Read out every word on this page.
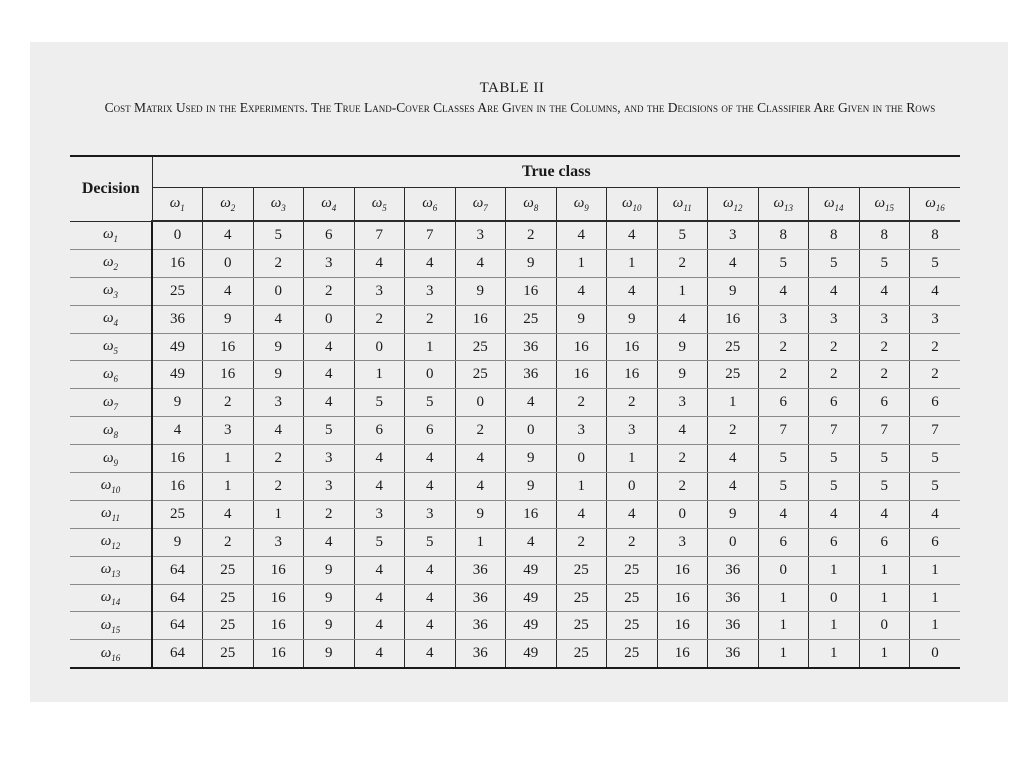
TABLE II
Cost Matrix Used in the Experiments. The True Land-Cover Classes Are Given in the Columns, and the Decisions of the Classifier Are Given in the Rows
Decision	True class															
	$\omega_1$	$\omega_2$	$\omega_3$	$\omega_4$	$\omega_5$	$\omega_6$	$\omega_7$	$\omega_8$	$\omega_9$	$\omega_{10}$	$\omega_{11}$	$\omega_{12}$	$\omega_{13}$	$\omega_{14}$	$\omega_{15}$	$\omega_{16}$
$\omega_1$	0	4	5	6	7	7	3	2	4	4	5	3	8	8	8	8
$\omega_2$	16	0	2	3	4	4	4	9	1	1	2	4	5	5	5	5
$\omega_3$	25	4	0	2	3	3	9	16	4	4	1	9	4	4	4	4
$\omega_4$	36	9	4	0	2	2	16	25	9	9	4	16	3	3	3	3
$\omega_5$	49	16	9	4	0	1	25	36	16	16	9	25	2	2	2	2
$\omega_6$	49	16	9	4	1	0	25	36	16	16	9	25	2	2	2	2
$\omega_7$	9	2	3	4	5	5	0	4	2	2	3	1	6	6	6	6
$\omega_8$	4	3	4	5	6	6	2	0	3	3	4	2	7	7	7	7
$\omega_9$	16	1	2	3	4	4	4	9	0	1	2	4	5	5	5	5
$\omega_{10}$	16	1	2	3	4	4	4	9	1	0	2	4	5	5	5	5
$\omega_{11}$	25	4	1	2	3	3	9	16	4	4	0	9	4	4	4	4
$\omega_{12}$	9	2	3	4	5	5	1	4	2	2	3	0	6	6	6	6
$\omega_{13}$	64	25	16	9	4	4	36	49	25	25	16	36	0	1	1	1
$\omega_{14}$	64	25	16	9	4	4	36	49	25	25	16	36	1	0	1	1
$\omega_{15}$	64	25	16	9	4	4	36	49	25	25	16	36	1	1	0	1
$\omega_{16}$	64	25	16	9	4	4	36	49	25	25	16	36	1	1	1	0
